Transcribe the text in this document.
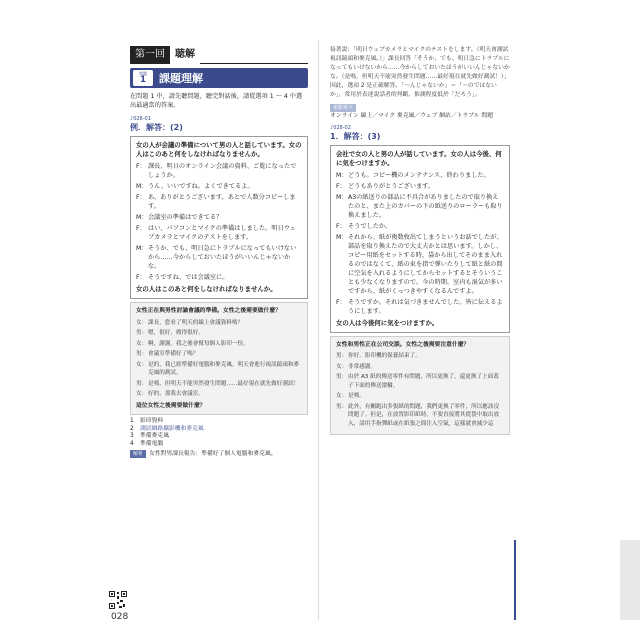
第一回	聴解
問題
1 課題理解

在問題 1 中，請先聽問題，聽完對話後，請從選項 1 ～ 4 中選出最適當的答案。

♪028-01
例．解答：(2)
女の人が会議の準備について男の人と話しています。女の人はこのあと何をしなければなりませんか。
F： 課長、明日のオンライン会議の資料、ご覧になったでしょうか。
M： うん、いいですね。よくできてるよ。
F： あ、ありがとうございます。あとで人数分コピーします。
M： 会議室の準備はできてる？
F： はい、パソコンとマイクの準備はしました。明日ウェブカメラとマイクのテストをします。
M： そうか、でも、明日急にトラブルになってもいけないから……今からしておいたほうがいいんじゃないかな。
F： そうですね、では会議室に。
女の人はこのあと何をしなければなりませんか。
女性正在與男性討論會議的準備。女性之後需要做什麼？
女： 課長，您看了明天的線上會議資料嗎？
男： 嗯，很好，做得很好。
女： 啊，謝謝。我之後會幫每個人影印一份。
男： 會議室準備好了嗎？
女： 是的，我已經準備好電腦和麥克風。明天會進行視訊鏡頭和麥克風的測試。
男： 是嗎，但明天不能突然發生問題……最好現在就先做好測試！
女： 好的，那我去會議室。
這位女性之後需要做什麼？
1	影印資料
2	測試網路攝影機和麥克風
3	準備麥克風
4	準備電腦
解析	女性對男課長報告：準備好了個人電腦和麥克風。
028

接著說：「明日ウェブカメラとマイクのテストをします。（明天會測試視訊鏡頭和麥克風。）」課長回答「そうか、でも、明日急にトラブルになってもいけないから……今からしておいたほうがいいんじゃないかな。（是嗎，但明天不能突然發生問題……最好現在就先做好測試！）」因此，選項 2 是正確解答。「～んじゃないか」＝「～のではないか」，常用於表達說話者的判斷、推測程度低於「だろう」。

重點單字
オンライン 線上／マイク 麥克風／ウェブ 網站／トラブル 問題
♪028-02
1．解答：(3)
会社で女の人と男の人が話しています。女の人は今後、何に気をつけますか。
M： どうも。コピー機のメンテナンス、終わりました。
F： どうもありがとうございます。
M： A3の紙送りの部品に不具合がありましたので取り換えたのと、また上のカバーの下の紙送りのローラーも取り換えました。
F： そうでしたか。
M： それから、紙が複数枚出てしまうというお話でしたが、部品を取り換えたので大丈夫かとは思います。しかし、コピー用紙をセットする時、袋から出してそのまま入れるのではなくて、紙の束を指で弾いたりして紙と紙の間に空気を入れるようにしてからセットするとそういうことも少なくなりますので。今の時期、室内も湿気が多いですから、紙がくっつきやすくなるんですよ。
F： そうですか。それは気づきませんでした。皆に伝えるようにします。
女の人は今後何に気をつけますか。
女性和男性正在公司交談。女性之後需要注意什麼？
男： 你好。影印機的保養結束了。
女： 非常感謝。
男： 由於 A3 紙的傳送零件有問題，所以更換了，還更換了上面蓋子下面的傳送滾輪。
女： 是嗎。
男： 此外，有關跑出多張紙的問題，我們更換了零件，所以應該沒問題了。但是，在放置影印紙時，不要直接將其從袋中取出放入，請用手指彈紙或在紙張之間注入空氣，這樣就會減少這
